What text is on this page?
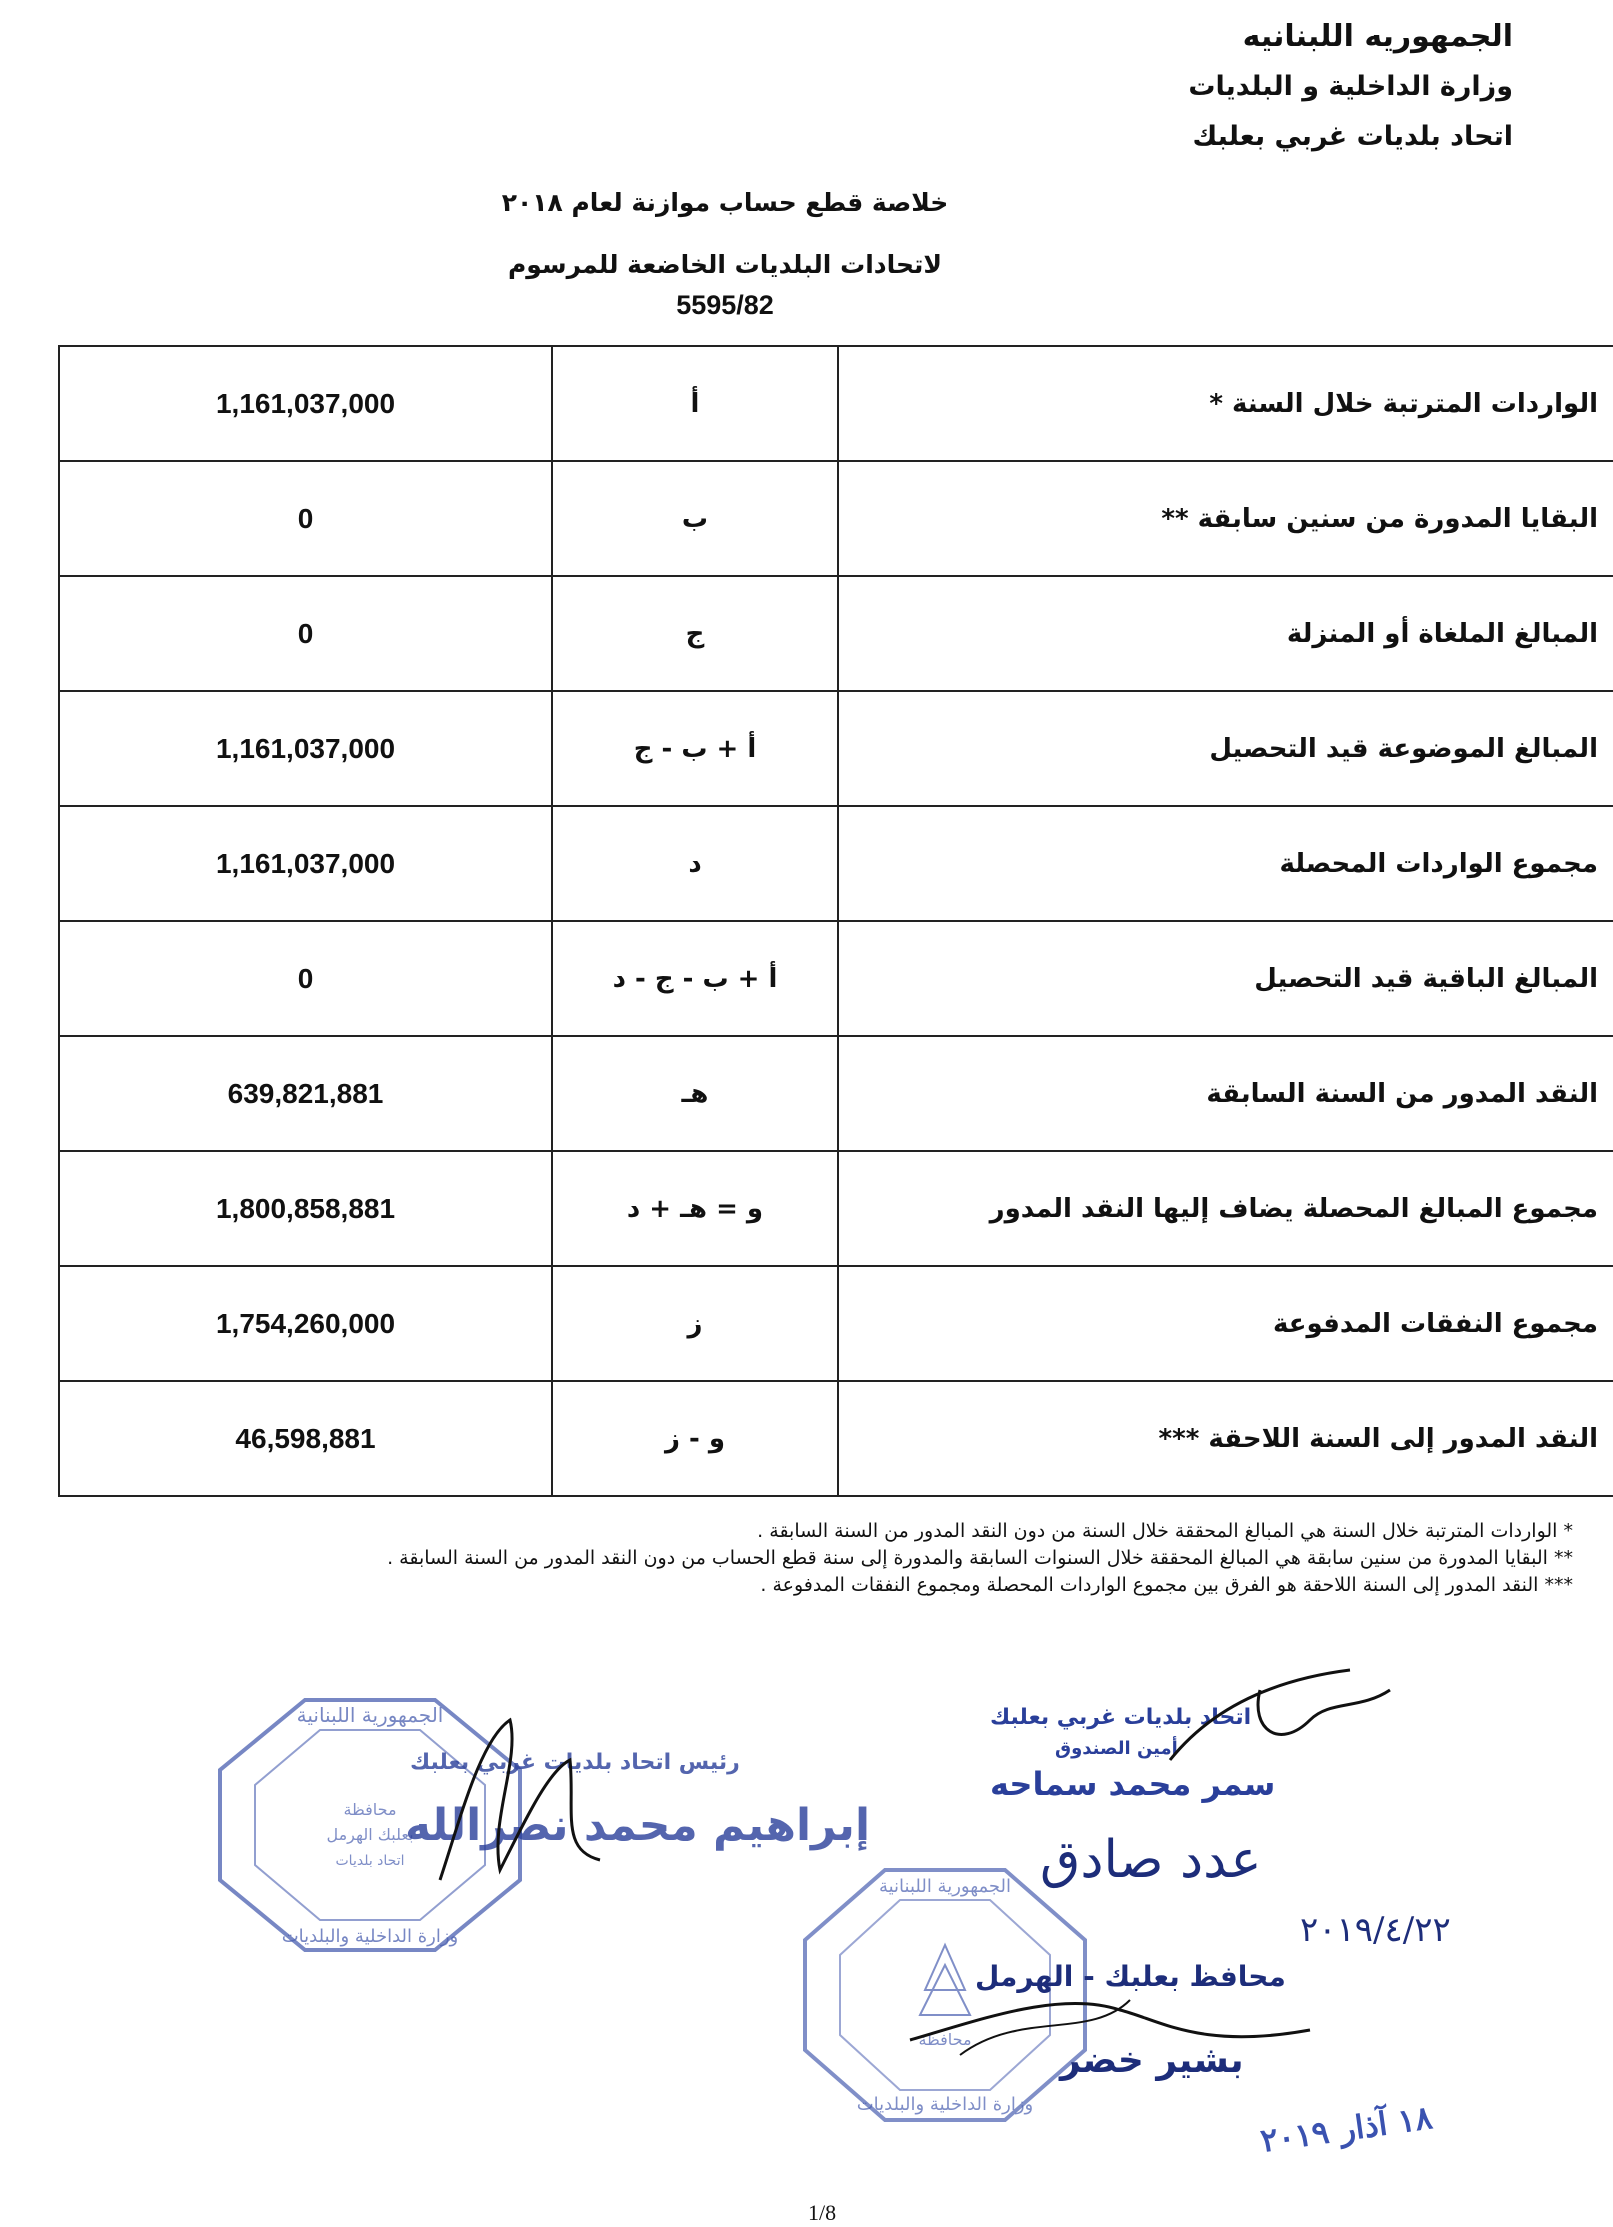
الجمهوريه اللبنانيه
وزارة الداخلية و البلديات
اتحاد بلديات غربي بعلبك
خلاصة قطع حساب موازنة لعام ٢٠١٨
لاتحادات البلديات الخاضعة للمرسوم
5595/82
الواردات المترتبة خلال السنة *	أ	1,161,037,000
البقايا المدورة من سنين سابقة **	ب	0
المبالغ الملغاة أو المنزلة	ج	0
المبالغ الموضوعة قيد التحصيل	أ + ب - ج	1,161,037,000
مجموع الواردات المحصلة	د	1,161,037,000
المبالغ الباقية قيد التحصيل	أ + ب - ج - د	0
النقد المدور من السنة السابقة	هـ	639,821,881
مجموع المبالغ المحصلة يضاف إليها النقد المدور	و = هـ + د	1,800,858,881
مجموع النفقات المدفوعة	ز	1,754,260,000
النقد المدور إلى السنة اللاحقة ***	و - ز	46,598,881
* الواردات المترتبة خلال السنة هي المبالغ المحققة خلال السنة من دون النقد المدور من السنة السابقة .
** البقايا المدورة من سنين سابقة هي المبالغ المحققة خلال السنوات السابقة والمدورة إلى سنة قطع الحساب من دون النقد المدور من السنة السابقة .
*** النقد المدور إلى السنة اللاحقة هو الفرق بين مجموع الواردات المحصلة ومجموع النفقات المدفوعة .
الجمهورية اللبنانية
وزارة الداخلية والبلديات
محافظة
بعلبك الهرمل
اتحاد بلديات
رئيس اتحاد بلديات غربي بعلبك
إبراهيم محمد نصرالله
اتحاد بلديات غربي بعلبك
أمين الصندوق
سمر محمد سماحه
عدد صادق
٢٠١٩/٤/٢٢
الجمهورية اللبنانية
وزارة الداخلية والبلديات
محافظة
محافظ بعلبك - الهرمل
بشير خضر
١٨ آذار ٢٠١٩
1/8
